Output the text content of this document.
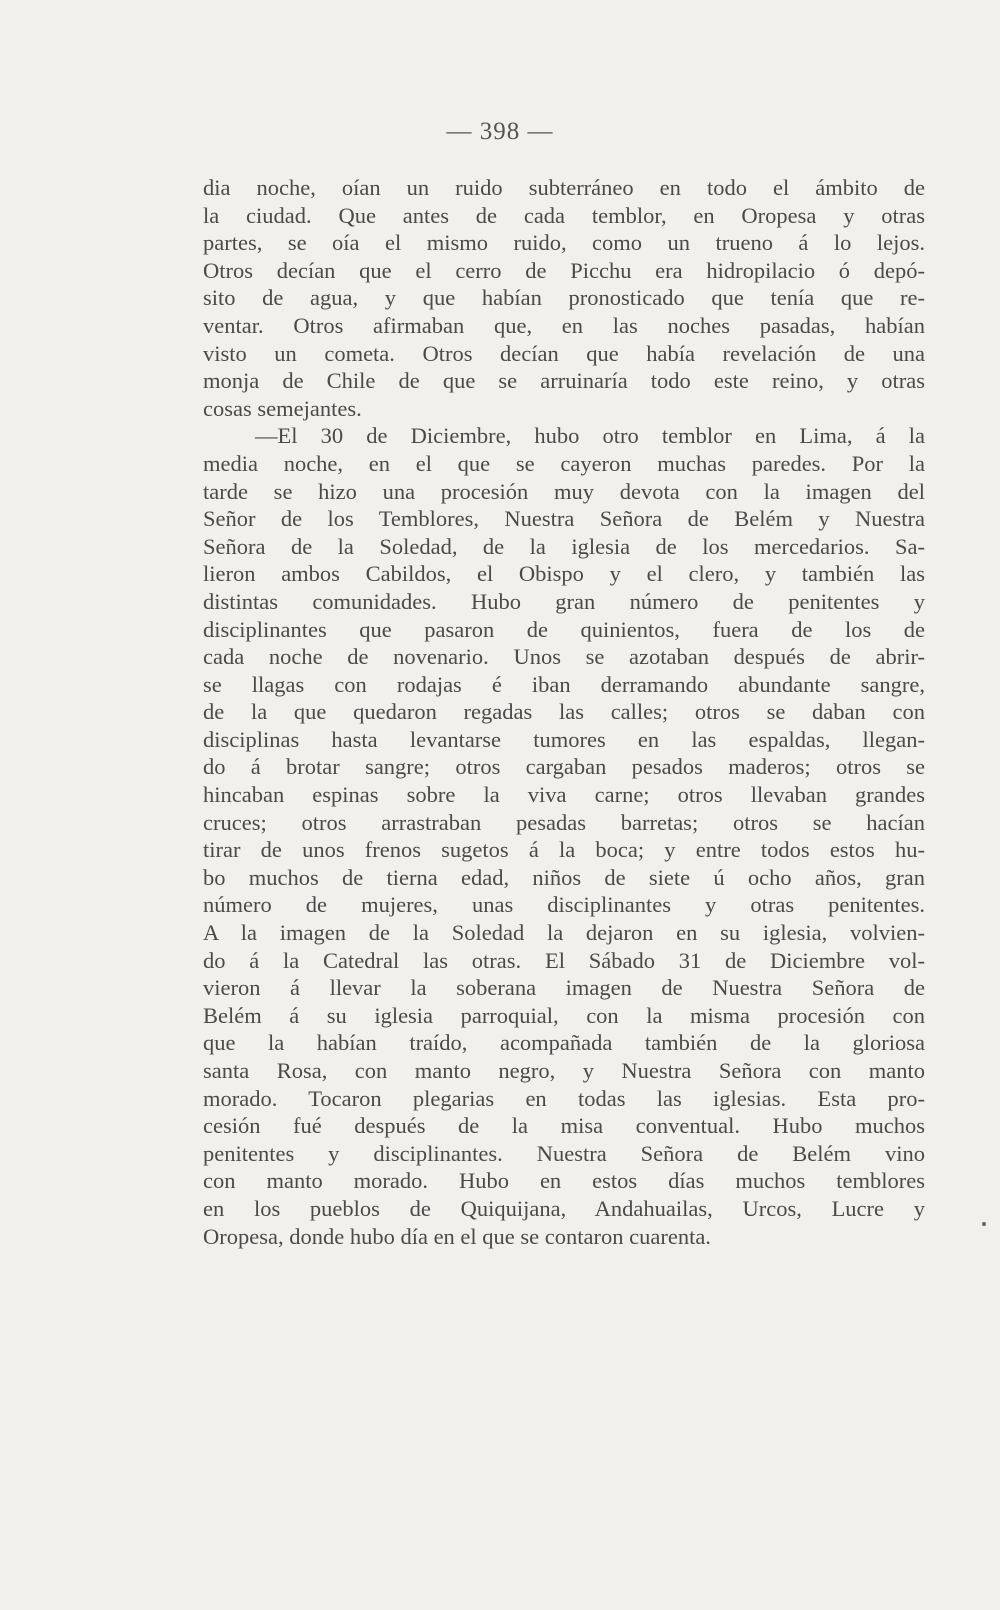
— 398 —
dia noche, oían un ruido subterráneo en todo el ámbito de
la ciudad. Que antes de cada temblor, en Oropesa y otras
partes, se oía el mismo ruido, como un trueno á lo lejos.
Otros decían que el cerro de Picchu era hidropilacio ó depó-
sito de agua, y que habían pronosticado que tenía que re-
ventar. Otros afirmaban que, en las noches pasadas, habían
visto un cometa. Otros decían que había revelación de una
monja de Chile de que se arruinaría todo este reino, y otras
cosas semejantes.
—El 30 de Diciembre, hubo otro temblor en Lima, á la
media noche, en el que se cayeron muchas paredes. Por la
tarde se hizo una procesión muy devota con la imagen del
Señor de los Temblores, Nuestra Señora de Belém y Nuestra
Señora de la Soledad, de la iglesia de los mercedarios. Sa-
lieron ambos Cabildos, el Obispo y el clero, y también las
distintas comunidades. Hubo gran número de penitentes y
disciplinantes que pasaron de quinientos, fuera de los de
cada noche de novenario. Unos se azotaban después de abrir-
se llagas con rodajas é iban derramando abundante sangre,
de la que quedaron regadas las calles; otros se daban con
disciplinas hasta levantarse tumores en las espaldas, llegan-
do á brotar sangre; otros cargaban pesados maderos; otros se
hincaban espinas sobre la viva carne; otros llevaban grandes
cruces; otros arrastraban pesadas barretas; otros se hacían
tirar de unos frenos sugetos á la boca; y entre todos estos hu-
bo muchos de tierna edad, niños de siete ú ocho años, gran
número de mujeres, unas disciplinantes y otras penitentes.
A la imagen de la Soledad la dejaron en su iglesia, volvien-
do á la Catedral las otras. El Sábado 31 de Diciembre vol-
vieron á llevar la soberana imagen de Nuestra Señora de
Belém á su iglesia parroquial, con la misma procesión con
que la habían traído, acompañada también de la gloriosa
santa Rosa, con manto negro, y Nuestra Señora con manto
morado. Tocaron plegarias en todas las iglesias. Esta pro-
cesión fué después de la misa conventual. Hubo muchos
penitentes y disciplinantes. Nuestra Señora de Belém vino
con manto morado. Hubo en estos días muchos temblores
en los pueblos de Quiquijana, Andahuailas, Urcos, Lucre y
Oropesa, donde hubo día en el que se contaron cuarenta.
